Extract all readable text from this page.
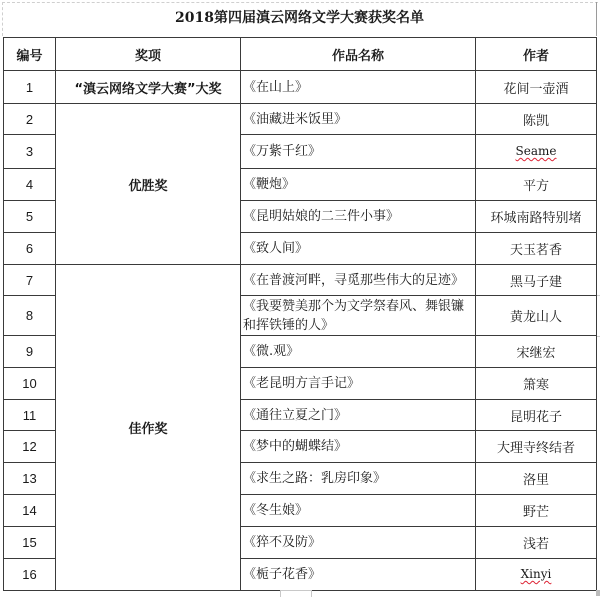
2018第四届滇云网络文学大赛获奖名单
编号	奖项	作品名称	作者
1	“滇云网络文学大赛”大奖	《在山上》	花间一壶酒
2	优胜奖	《油藏进米饭里》	陈凯
3		《万紫千红》	Seame
4		《鞭炮》	平方
5		《昆明姑娘的二三件小事》	环城南路特别堵
6		《致人间》	天玉茗香
7	佳作奖	《在普渡河畔，寻觅那些伟大的足迹》	黑马子建
8		《我要赞美那个为文学祭春风、舞银镰和挥铁锤的人》	黄龙山人
9		《微.观》	宋继宏
10		《老昆明方言手记》	箫寒
11		《通往立夏之门》	昆明花子
12		《梦中的蝴蝶结》	大理寺终结者
13		《求生之路：乳房印象》	洛里
14		《冬生娘》	野芒
15		《猝不及防》	浅若
16		《栀子花香》	Xinyi
